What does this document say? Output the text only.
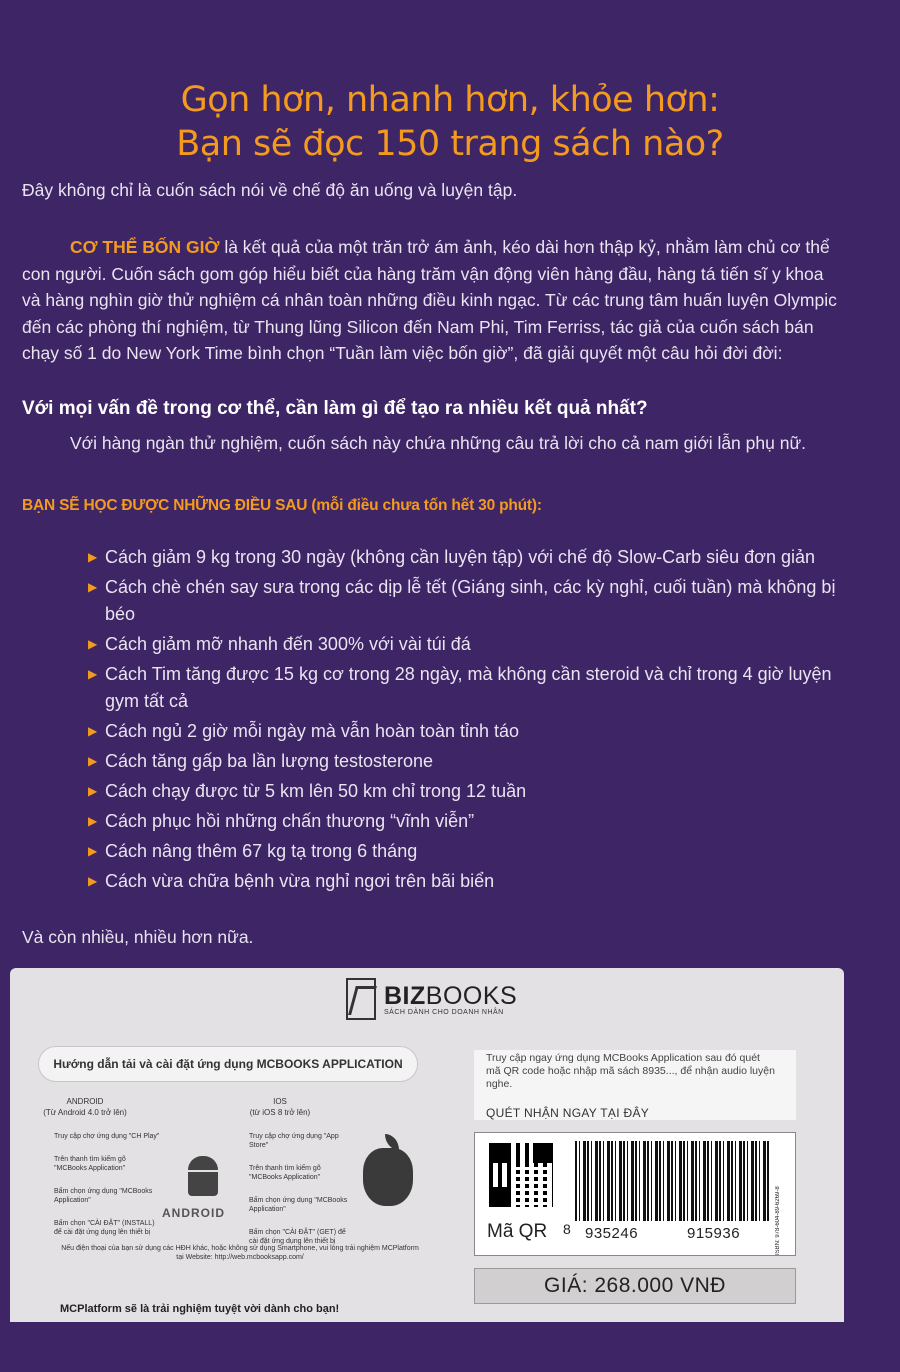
Gọn hơn, nhanh hơn, khỏe hơn:
Bạn sẽ đọc 150 trang sách nào?
Đây không chỉ là cuốn sách nói về chế độ ăn uống và luyện tập.

CƠ THỂ BỐN GIỜ là kết quả của một trăn trở ám ảnh, kéo dài hơn thập kỷ, nhằm làm chủ cơ thể con người. Cuốn sách gom góp hiểu biết của hàng trăm vận động viên hàng đầu, hàng tá tiến sĩ y khoa và hàng nghìn giờ thử nghiệm cá nhân toàn những điều kinh ngạc. Từ các trung tâm huấn luyện Olympic đến các phòng thí nghiệm, từ Thung lũng Silicon đến Nam Phi, Tim Ferriss, tác giả của cuốn sách bán chạy số 1 do New York Time bình chọn “Tuần làm việc bốn giờ”, đã giải quyết một câu hỏi đời đời:

Với mọi vấn đề trong cơ thể, cần làm gì để tạo ra nhiều kết quả nhất?
Với hàng ngàn thử nghiệm, cuốn sách này chứa những câu trả lời cho cả nam giới lẫn phụ nữ.
BẠN SẼ HỌC ĐƯỢC NHỮNG ĐIỀU SAU (mỗi điều chưa tốn hết 30 phút):
▶ Cách giảm 9 kg trong 30 ngày (không cần luyện tập) với chế độ Slow-Carb siêu đơn giản
▶ Cách chè chén say sưa trong các dịp lễ tết (Giáng sinh, các kỳ nghỉ, cuối tuần) mà không bị béo
▶ Cách giảm mỡ nhanh đến 300% với vài túi đá
▶ Cách Tim tăng được 15 kg cơ trong 28 ngày, mà không cần steroid và chỉ trong 4 giờ luyện gym tất cả
▶ Cách ngủ 2 giờ mỗi ngày mà vẫn hoàn toàn tỉnh táo
▶ Cách tăng gấp ba lần lượng testosterone
▶ Cách chạy được từ 5 km lên 50 km chỉ trong 12 tuần
▶ Cách phục hồi những chấn thương “vĩnh viễn”
▶ Cách nâng thêm 67 kg tạ trong 6 tháng
▶ Cách vừa chữa bệnh vừa nghỉ ngơi trên bãi biển
Và còn nhiều, nhiều hơn nữa.
BIZBOOKS
SÁCH DÀNH CHO DOANH NHÂN
Hướng dẫn tải và cài đặt ứng dụng MCBOOKS APPLICATION
ANDROID
(Từ Android 4.0 trở lên)
Truy cập chợ ứng dụng "CH Play"
Trên thanh tìm kiếm gõ "MCBooks Application"
Bấm chọn ứng dụng "MCBooks Application"
Bấm chọn "CÀI ĐẶT" (INSTALL) để cài đặt ứng dụng lên thiết bị
ANDROID
IOS
(từ iOS 8 trở lên)
Truy cập chợ ứng dụng "App Store"
Trên thanh tìm kiếm gõ "MCBooks Application"
Bấm chọn ứng dụng "MCBooks Application"
Bấm chọn "CÀI ĐẶT" (GET) để cài đặt ứng dụng lên thiết bị
Nếu điện thoại của bạn sử dụng các HĐH khác, hoặc không sử dụng Smartphone, vui lòng trải nghiệm MCPlatform tại Website: http://web.mcbooksapp.com/
MCPlatform sẽ là trải nghiệm tuyệt vời dành cho bạn!
Truy cập ngay ứng dụng MCBooks Application sau đó quét mã QR code hoặc nhập mã sách 8935..., để nhận audio luyện nghe.
QUÉT NHẬN NGAY TẠI ĐÂY
Mã QR	ISBN: 978-604-89-6269-8
8 935246	915936
GIÁ: 268.000 VNĐ
